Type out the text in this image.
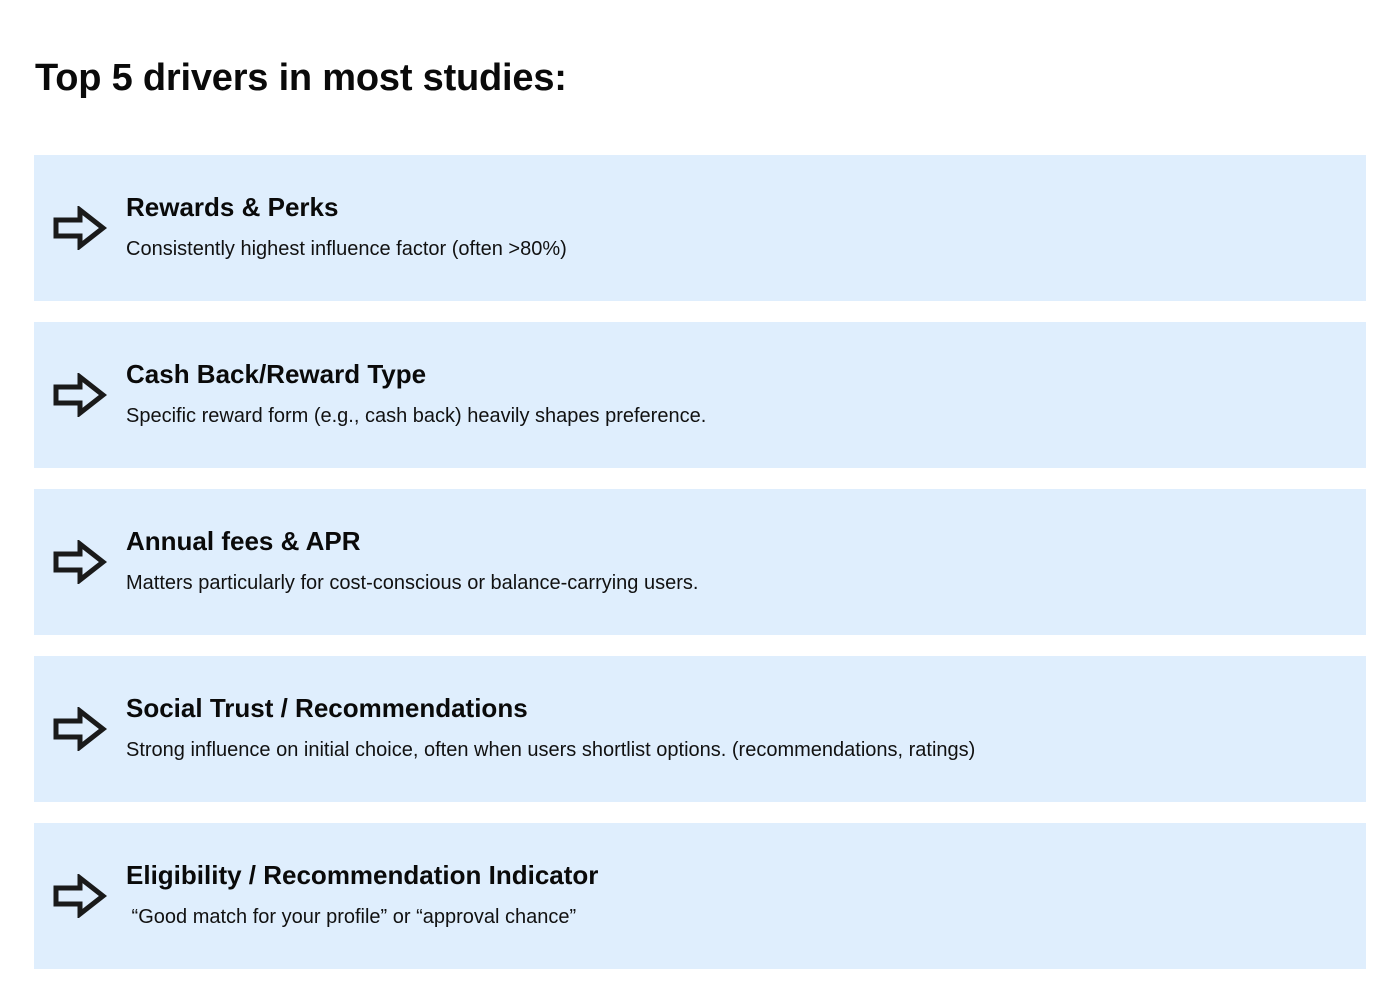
Top 5 drivers in most studies:
Rewards & Perks

Consistently highest influence factor (often >80%)

Cash Back/Reward Type

Specific reward form (e.g., cash back) heavily shapes preference.

Annual fees & APR

Matters particularly for cost-conscious or balance-carrying users.

Social Trust / Recommendations

Strong influence on initial choice, often when users shortlist options. (recommendations, ratings)

Eligibility / Recommendation Indicator

“Good match for your profile” or “approval chance”
